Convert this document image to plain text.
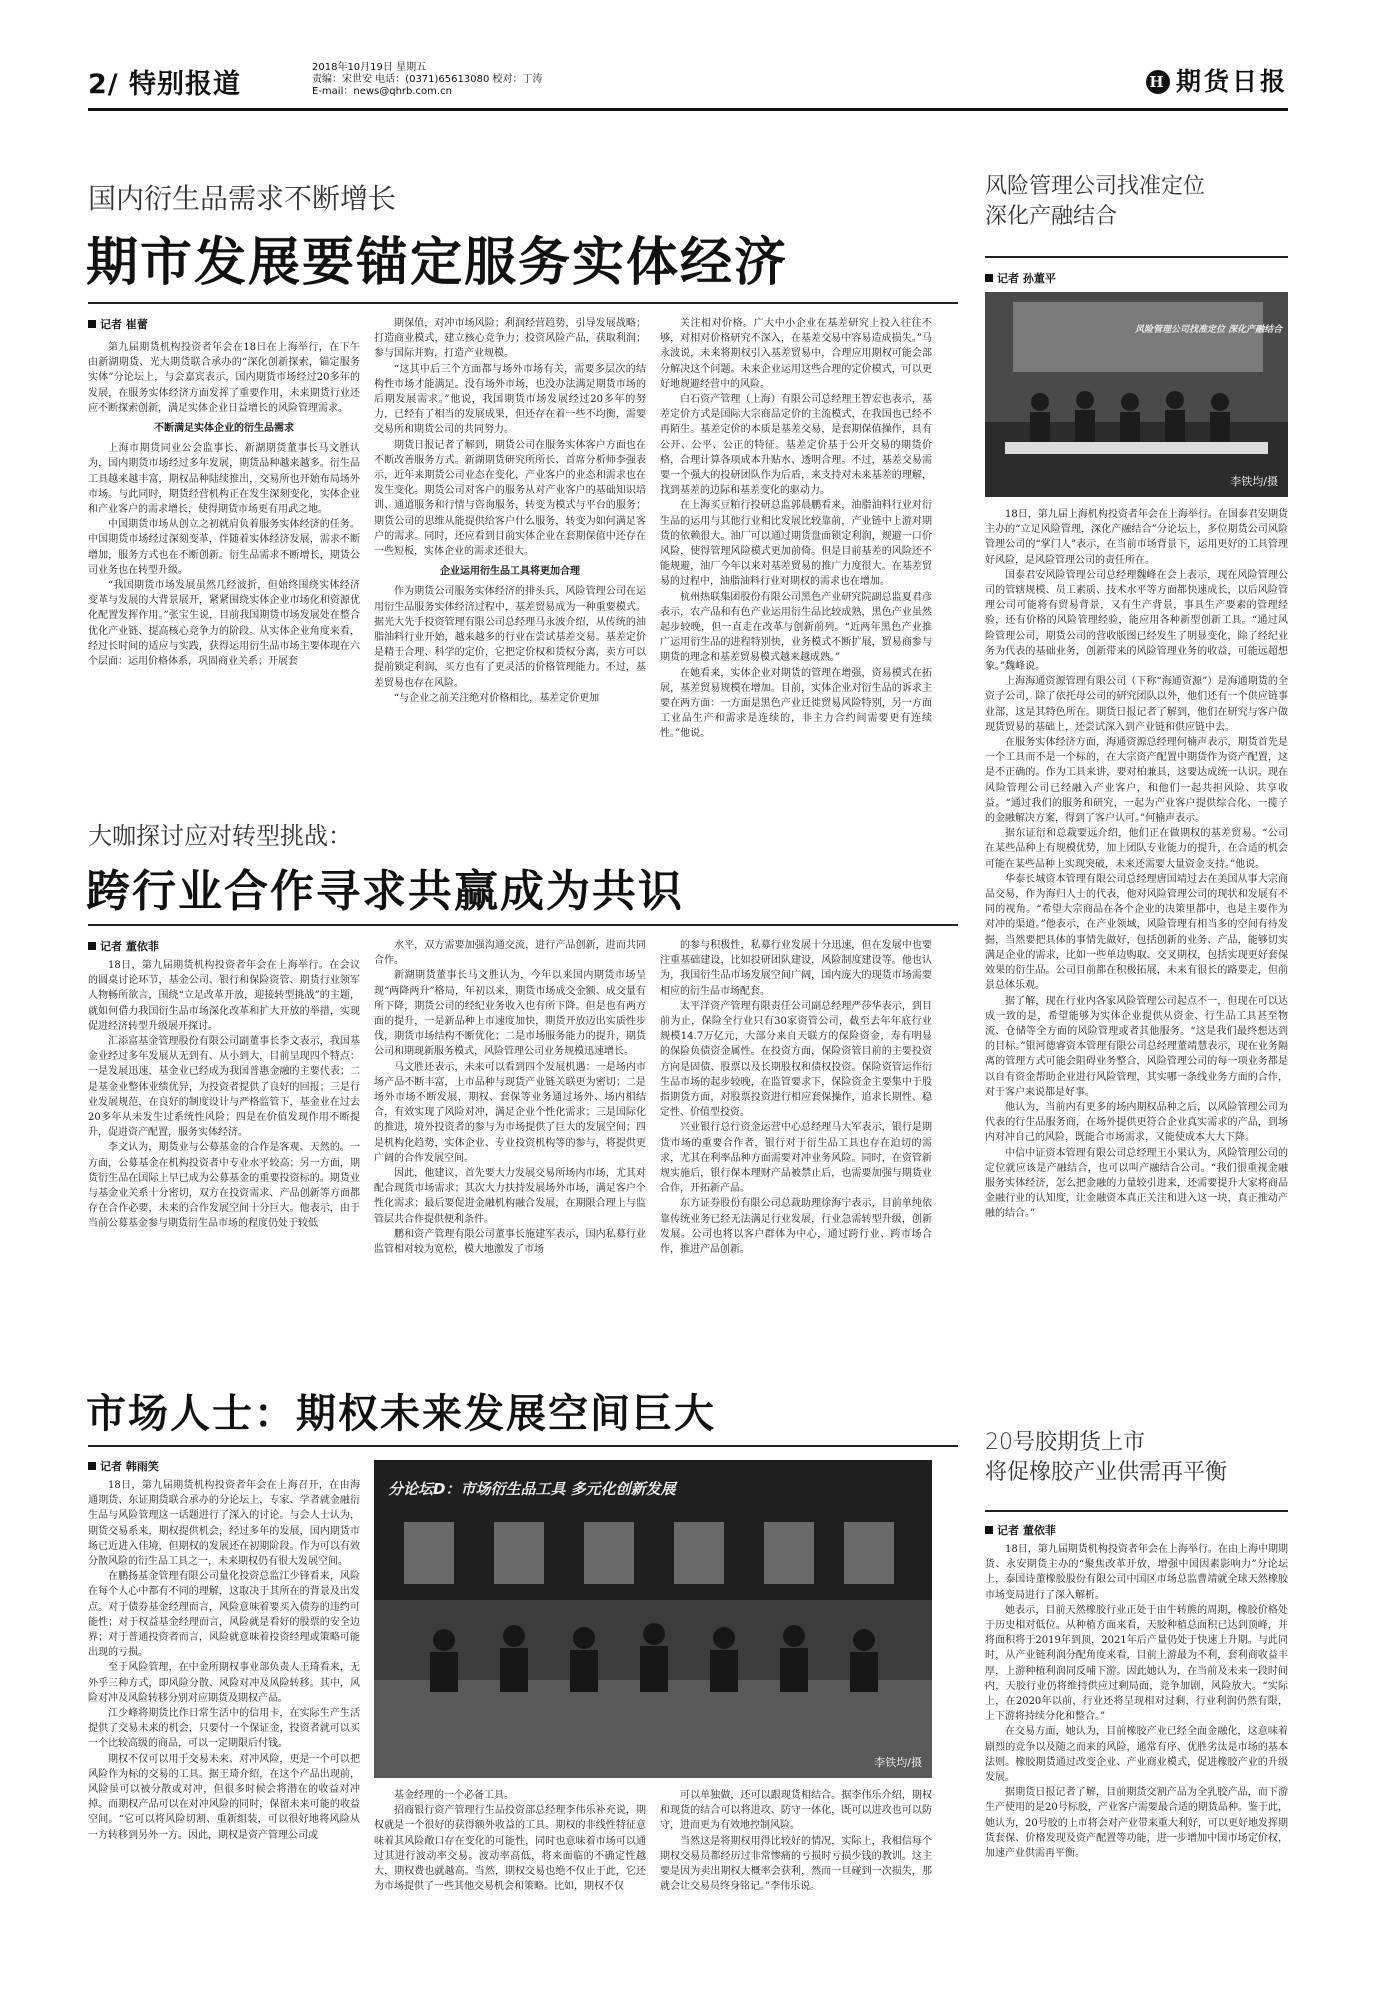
2/ 特别报道
2018年10月19日 星期五
责编：宋世安 电话：(0371)65613080 校对：丁涛
E-mail：news@qhrb.com.cn
H 期货日报
国内衍生品需求不断增长
期市发展要锚定服务实体经济
记者 崔蕾

第九届期货机构投资者年会在18日在上海举行，在下午由新湖期货、光大期货联合承办的“深化创新探索，锚定服务实体”分论坛上，与会嘉宾表示，国内期货市场经过20多年的发展，在服务实体经济方面发挥了重要作用，未来期货行业还应不断探索创新，满足实体企业日益增长的风险管理需求。

不断满足实体企业的衍生品需求

上海市期货同业公会监事长、新湖期货董事长马文胜认为，国内期货市场经过多年发展，期货品种越来越多。衍生品工具越来越丰富，期权品种陆续推出，交易所也开始布局场外市场。与此同时，期货经营机构正在发生深刻变化，实体企业和产业客户的需求增长，使得期货市场更有用武之地。

中国期货市场从创立之初就肩负着服务实体经济的任务。中国期货市场经过深刻变革，伴随着实体经济发展，需求不断增加，服务方式也在不断创新。衍生品需求不断增长，期货公司业务也在转型升级。

“我国期货市场发展虽然几经波折，但始终围绕实体经济变革与发展的大背景展开，紧紧围绕实体企业市场化和资源优化配置发挥作用。”张宝生说，目前我国期货市场发展处在整合优化产业链、提高核心竞争力的阶段。从实体企业角度来看，经过长时间的适应与实践，获得运用衍生品市场主要体现在六个层面：运用价格体系，巩固商业关系；开展套

期保值，对冲市场风险；利润经营趋势，引导发展战略；打造商业模式，建立核心竞争力；投资风险产品，获取利润；参与国际并购，打造产业规模。

“这其中后三个方面都与场外市场有关，需要多层次的结构性市场才能满足。没有场外市场，也没办法满足期货市场的后期发展需求。”他说，我国期货市场发展经过20多年的努力，已经有了相当的发展成果，但还存在着一些不均衡，需要交易所和期货公司的共同努力。

期货日报记者了解到，期货公司在服务实体客户方面也在不断改善服务方式。新湖期货研究所所长、首席分析师李强表示，近年来期货公司业态在变化，产业客户的业态和需求也在发生变化。期货公司对客户的服务从对产业客户的基础知识培训、通道服务和行情与咨询服务，转变为模式与平台的服务；期货公司的思维从能提供给客户什么服务，转变为如何满足客户的需求。同时，还应看到目前实体企业在套期保值中还存在一些短板，实体企业的需求还很大。

企业运用衍生品工具将更加合理

作为期货公司服务实体经济的排头兵，风险管理公司在运用衍生品服务实体经济过程中，基差贸易成为一种重要模式。据光大先手投资管理有限公司总经理马永波介绍，从传统的油脂油料行业开始，越来越多的行业在尝试基差交易。基差定价是精于合理、科学的定价，它把定价权和货权分离，卖方可以提前锁定利润，买方也有了更灵活的价格管理能力。不过，基差贸易也存在风险。

“与企业之前关注绝对价格相比，基差定价更加

关注相对价格。广大中小企业在基差研究上投入往往不够，对相对价格研究不深入，在基差交易中容易造成损失。”马永波说，未来将期权引入基差贸易中，合理应用期权可能会部分解决这个问题。未来企业运用这些合理的定价模式，可以更好地规避经营中的风险。

白石资产管理（上海）有限公司总经理王智宏也表示，基差定价方式是国际大宗商品定价的主流模式，在我国也已经不再陌生。基差定价的本质是基差交易，是套期保值操作，具有公开、公平、公正的特征。基差定价基于公开交易的期货价格，合理计算各项成本升贴水、透明合理。不过，基差交易需要一个强大的投研团队作为后盾，来支持对未来基差的理解，找到基差的边际和基差变化的驱动力。

在上海买豆粕行投研总监郭晨鹏看来，油脂油料行业对衍生品的运用与其他行业相比发展比较靠前，产业链中上游对期货的依赖很大。油厂可以通过期货盘面锁定利润，规避一口价风险，使得管理风险模式更加前倚。但是目前基差的风险还不能规避，油厂今年以来对基差贸易的推广力度很大。在基差贸易的过程中，油脂油料行业对期权的需求也在增加。

杭州热联集团股份有限公司黑色产业研究院副总监夏君彦表示，农产品和有色产业运用衍生品比较成熟，黑色产业虽然起步较晚，但一直走在改革与创新前列。“近两年黑色产业推广运用衍生品的进程特别快，业务模式不断扩展，贸易商参与期货的理念和基差贸易模式越来越成熟。”

在她看来，实体企业对期货的管理在增强，资易模式在拓展，基差贸易规模在增加。目前，实体企业对衍生品的诉求主要在两方面：一方面是黑色产业迁徙贸易风险特别，另一方面工业品生产和需求是连续的，非主力合约间需要更有连续性。”他说。

风险管理公司找准定位
深化产融结合
记者 孙董平
风险管理公司找准定位 深化产融结合
李铁均/摄

18日，第九届上海机构投资者年会在上海举行。在国泰君安期货主办的“立足风险管理，深化产融结合”分论坛上，多位期货公司风险管理公司的“掌门人”表示，在当前市场背景下，运用更好的工具管理好风险，是风险管理公司的责任所在。

国泰君安风险管理公司总经理魏峰在会上表示，现在风险管理公司的管辖规模、员工素质、技术水平等方面都快速成长，以后风险管理公司可能将有贸易背景，又有生产背景，事具生产要素的管理经验，还有价格的风险管理经验，能应用各种新型创新工具。“通过风险管理公司，期货公司的营收版图已经发生了明显变化，除了经纪业务为代表的基础业务，创新带来的风险管理业务的收益，可能远超想象。”魏峰说。

上海海通资源管理有限公司（下称“海通资源”）是海通期货的全资子公司，除了依托母公司的研究团队以外，他们还有一个供应链事业部，这是其特色所在。期货日报记者了解到，他们在研究与客户做现货贸易的基础上，还尝试深入到产业链和供应链中去。

在服务实体经济方面，海通资源总经理何楠声表示，期货首先是一个工具而不是一个标的，在大宗资产配置中期货作为资产配置，这是不正确的。作为工具来讲，要对柏兼具，这要达成统一认识。现在风险管理公司已经融入产业客户，和他们一起共担风险、共享收益。“通过我们的服务和研究，一起为产业客户提供综合化、一揽子的金融解决方案，得到了客户认可。”何楠声表示。

据东证衍和总裁要远介绍，他们正在做期权的基差贸易。“公司在某些品种上有规模优势，加上团队专业能力的提升，在合适的机会可能在某些品种上实现突破，未来还需要大量资金支持。”他说。

华泰长城资本管理有限公司总经理唐国靖过去在美国从事大宗商品交易，作为海归人士的代表，他对风险管理公司的现状和发展有不同的视角。“希望大宗商品在各个企业的决策里都中，也是主要作为对冲的渠道。”他表示，在产业领域，风险管理有相当多的空间有待发掘，当然要把具体的事情先做好，包括创新的业务、产品，能够切实满足企业的需求，比如一些单边购取、交叉期权，包括实现更好套保效果的衍生品。公司目前都在积极拓展，未来有很长的路要走，但前景总体乐观。

据了解，现在行业内各家风险管理公司起点不一，但现在可以达成一致的是，希望能够为实体企业提供从资金、行生品工具甚至物流、仓储等全方面的风险管理或者其他服务。“这是我们最终想达到的目标。”银河德睿资本管理有限公司总经理董靖慧表示，现在业务隔离的管理方式可能会阻碍业务整合，风险管理公司的每一项业务都是以自有资金帮助企业进行风险管理，其实哪一条线业务方面的合作，对于客户来说都是好事。

他认为，当前内有更多的场内期权品种之后，以风险管理公司为代表的行生品服务商，在场外提供更符合企业真实需求的产品，到场内对冲自己的风险，既能合市场需求，又能使成本大大下降。

中信中证资本管理有限公司总经理王小果认为，风险管理公司的定位就应该是产融结合，也可以叫产融结合公司。“我们很重视金融服务实体经济，怎么把金融的力量较引进来，还需要提升大家将商品金融行业的认知度，让金融资本真正关注和进入这一块，真正推动产融的结合。”

大咖探讨应对转型挑战：
跨行业合作寻求共赢成为共识
记者 董依菲

18日，第九届期货机构投资者年会在上海举行。在会议的圆桌讨论环节，基金公司、银行和保险资管、期货行业领军人物畅所欲言，围绕“立足改革开放，迎接转型挑战”的主题，就如何借力我国衍生品市场深化改革和扩大开放的举措，实现促进经济转型升级展开探讨。

汇添富基金管理股份有限公司副董事长李文表示，我国基金业经过多年发展从无到有、从小到大，目前呈现四个特点：一是发展迅速，基金业已经成为我国普惠金融的主要代表；二是基金业整体业绩优异，为投资者提供了良好的回报；三是行业发展规范，在良好的制度设计与严格监管下，基金业在过去20多年从未发生过系统性风险；四是在价值发现作用不断提升，促进资产配置，服务实体经济。

李文认为，期货业与公募基金的合作是客观、天然的。一方面，公募基金在机构投资者中专业水平较高；另一方面，期货衍生品在国际上早已成为公募基金的重要投资标的。期货业与基金业关系十分密切，双方在投资需求、产品创新等方面都存在合作必要，未来的合作发展空间十分巨大。他表示，由于当前公募基金参与期货衍生品市场的程度仍处于较低

水平，双方需要加强沟通交流，进行产品创新，进而共同合作。

新湖期货董事长马文胜认为，今年以来国内期货市场呈现“两降两升”格局，年初以来，期货市场成交金额、成交量有所下降，期货公司的经纪业务收入也有所下降。但是也有两方面的提升，一是新品种上市速度加快，期货开放迈出实质性步伐，期货市场结构不断优化；二是市场服务能力的提升，期货公司和期现新服务模式，风险管理公司业务规模迅速增长。

马文胜还表示，未来可以看到四个发展机遇：一是场内市场产品不断丰富，上市品种与现货产业链关联更为密切；二是场外市场不断发展，期权、套保等业务通过场外、场内相结合，有效实现了风险对冲，满足企业个性化需求；三是国际化的推进，境外投资者的参与为市场提供了巨大的发展空间；四是机构化趋势，实体企业、专业投资机构等的参与，将提供更广阔的合作发展空间。

因此，他建议，首先要大力发展交易所场内市场，尤其对配合现货市场需求；其次大力扶持发展场外市场，满足客户个性化需求；最后要促进金融机构融合发展，在期限合理上与监管层共合作提供便利条件。

鹏和资产管理有限公司董事长施建军表示，国内私募行业监管相对较为宽松，模大地激发了市场

的参与积极性，私募行业发展十分迅速，但在发展中也要注重基础建设，比如投研团队建设，风险制度建设等。他也认为，我国衍生品市场发展空间广阔，国内庞大的现货市场需要相应的衍生品市场配套。

太平洋资产管理有限责任公司副总经理严莎华表示，到目前为止，保险全行业只有30家资管公司，截至去年年底行业规模14.7万亿元，大部分来自天联方的保险资金，寿有明显的保险负债资金属性。在投资方面，保险资管目前的主要投资方向是固债、股票以及长期股权和债权投资。保险资管运作衍生品市场的起步较晚，在监管要求下，保险资金主要集中于股指期货方面，对股票投资进行相应套保操作，追求长期性、稳定性、价值型投资。

兴业银行总行资金运营中心总经理马大军表示，银行是期货市场的重要合作者，银行对于衍生品工具也存在迫切的需求，尤其在利率品种方面需要对冲业务风险。同时，在资管新规实施后，银行保本理财产品被禁止后，也需要加强与期货业合作，开拓新产品。

东方证券股份有限公司总裁助理徐海宁表示，目前单纯依靠传统业务已经无法满足行业发展，行业急需转型升级，创新发展。公司也将以客户群体为中心，通过跨行业、跨市场合作，推进产品创新。

市场人士：期权未来发展空间巨大
记者 韩雨笑

18日，第九届期货机构投资者年会在上海召开，在由海通期货、东证期货联合承办的分论坛上，专家、学者就金融衍生品与风险管理这一话题进行了深入的讨论。与会人士认为，期货交易系来，期权提供机会，经过多年的发展，国内期货市场已近进入佳境，但期权的发展还在初期阶段。作为可以有效分散风险的衍生品工具之一，未来期权仍有很大发展空间。

在鹏扬基金管理有限公司量化投资总监江少锋看来，风险在每个人心中都有不同的理解，这取决于其所在的背景及出发点。对于债券基金经理而言，风险意味着要买入债券的违约可能性；对于权益基金经理而言，风险就是看好的股票的安全边界；对于普通投资者而言，风险就意味着投资经理或策略可能出现的亏损。

至于风险管理，在中金所期权事业部负责人王琦看来，无外乎三种方式，即风险分散、风险对冲及风险转移。其中，风险对冲及风险转移分别对应期货及期权产品。

江少峰将期货比作日常生活中的信用卡，在实际生产生活提供了交易未来的机会，只要付一个保证金，投资者就可以买一个比较高级的商品，可以一定期限后付钱。

期权不仅可以用于交易未来、对冲风险，更是一个可以把风险作为标的交易的工具。据王琦介绍，在这个产品出现前，风险虽可以被分散或对冲，但很多时候会将潜在的收益对冲掉。而期权产品可以在对冲风险的同时，保留未来可能的收益空间。“它可以将风险切割、重新组装，可以很好地将风险从一方转移到另外一方。因此，期权是资产管理公司或

分论坛D：市场衍生品工具 多元化创新发展
李铁均/摄

基金经理的一个必备工具。

招商银行资产管理行生品投资部总经理李伟乐补充说，期权就是一个很好的获得额外收益的工具。期权的非线性特征意味着其风险敞口存在变化的可能性，同时也意味着市场可以通过其进行波动率交易。波动率高低，将来面临的不确定性越大，期权费也就越高。当然，期权交易也绝不仅止于此，它还为市场提供了一些其他交易机会和策略。比如，期权不仅

可以单独做，还可以跟现货相结合。据李伟乐介绍，期权和现货的结合可以将进攻、防守一体化，既可以进攻也可以防守，进而更为有效地控制风险。

当然这是将期权用得比较好的情况，实际上，我相信每个期权交易员都经历过非常惨痛的亏损时亏损少钱的教训。这主要是因为卖出期权大概率会获利，然而一旦碰到一次损失，那就会让交易员终身铭记。”李伟乐说。

20号胶期货上市
将促橡胶产业供需再平衡
记者 董依菲

18日，第九届期货机构投资者年会在上海举行。在由上海中期期货、永安期货主办的“聚焦改革开放，增强中国因素影响力”分论坛上，泰国诗董橡胶股份有限公司中国区市场总监曹靖就全球天然橡胶市场变局进行了深入解析。

她表示，目前天然橡胶行业正处于由牛转熊的周期，橡胶价格处于历史相对低位。从种植方面来看，天胶种植总面积已达到顶峰，并将面积将于2019年到顶，2021年后产量仍处于快速上升期。与此同时，从产业链利润分配角度来看，目前上游最为不利，套利商收益丰厚，上游种植利润同反哺下游。因此她认为，在当前及未来一段时间内，天胶行业仍将维持供应过剩局面，竞争加剧，风险放大。“实际上，在2020年以前，行业还将呈现相对过剩，行业利润仍然有限，上下游将持续分化和整合。”

在交易方面，她认为，目前橡胶产业已经全面金融化，这意味着剧烈的竞争以及随之而来的风险，通常有序、优胜劣汰是市场的基本法则。橡胶期货通过改变企业、产业商业模式，促进橡胶产业的升级发展。

据期货日报记者了解，目前期货交割产品为全乳胶产品，而下游生产使用的是20号标胶，产业客户需要最合适的期货品种。鉴于此，她认为，20号胶的上市将会对产业带来重大利好，可以更好地发挥期货套保、价格发现及资产配置等功能，进一步增加中国市场定价权，加速产业供需再平衡。
